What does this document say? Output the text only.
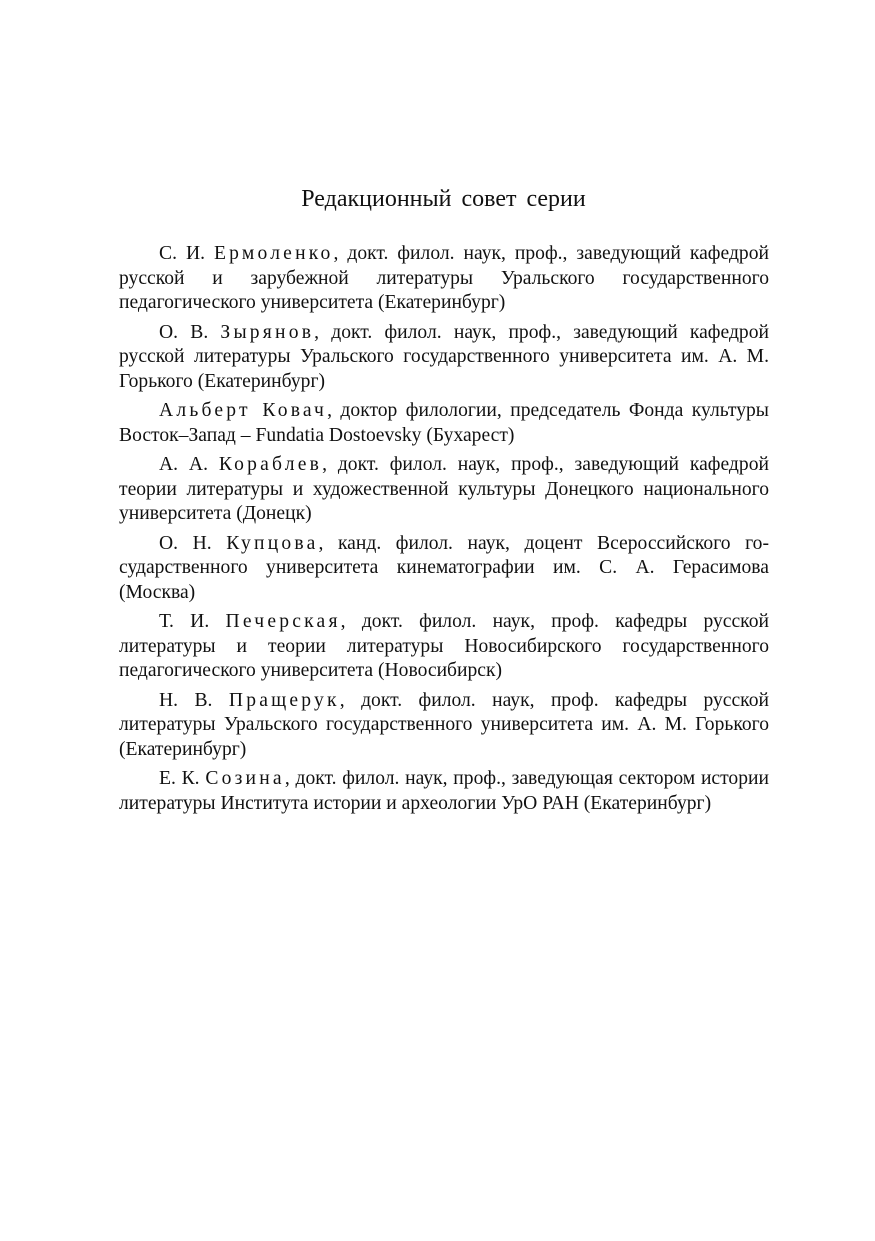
Редакционный совет серии

С. И. Ермоленко, докт. филол. наук, проф., заведующий кафедрой русской и зарубежной литературы Уральского государственного педагогического университета (Екатеринбург)

О. В. Зырянов, докт. филол. наук, проф., заведующий кафедрой русской литературы Уральского государственного университета им. А. М. Горького (Екатеринбург)

Альберт Ковач, доктор филологии, председатель Фонда культуры Восток–Запад – Fundatia Dostoevsky (Бухарест)

А. А. Кораблев, докт. филол. наук, проф., заведующий кафедрой теории литературы и художественной культуры Донецкого национального университета (Донецк)

О. Н. Купцова, канд. филол. наук, доцент Всероссийского государственного университета кинематографии им. С. А. Герасимова (Москва)

Т. И. Печерская, докт. филол. наук, проф. кафедры русской литературы и теории литературы Новосибирского государственного педагогического университета (Новосибирск)

Н. В. Пращерук, докт. филол. наук, проф. кафедры русской литературы Уральского государственного университета им. А. М. Горького (Екатеринбург)

Е. К. Созина, докт. филол. наук, проф., заведующая сектором истории литературы Института истории и археологии УрО РАН (Екатеринбург)
